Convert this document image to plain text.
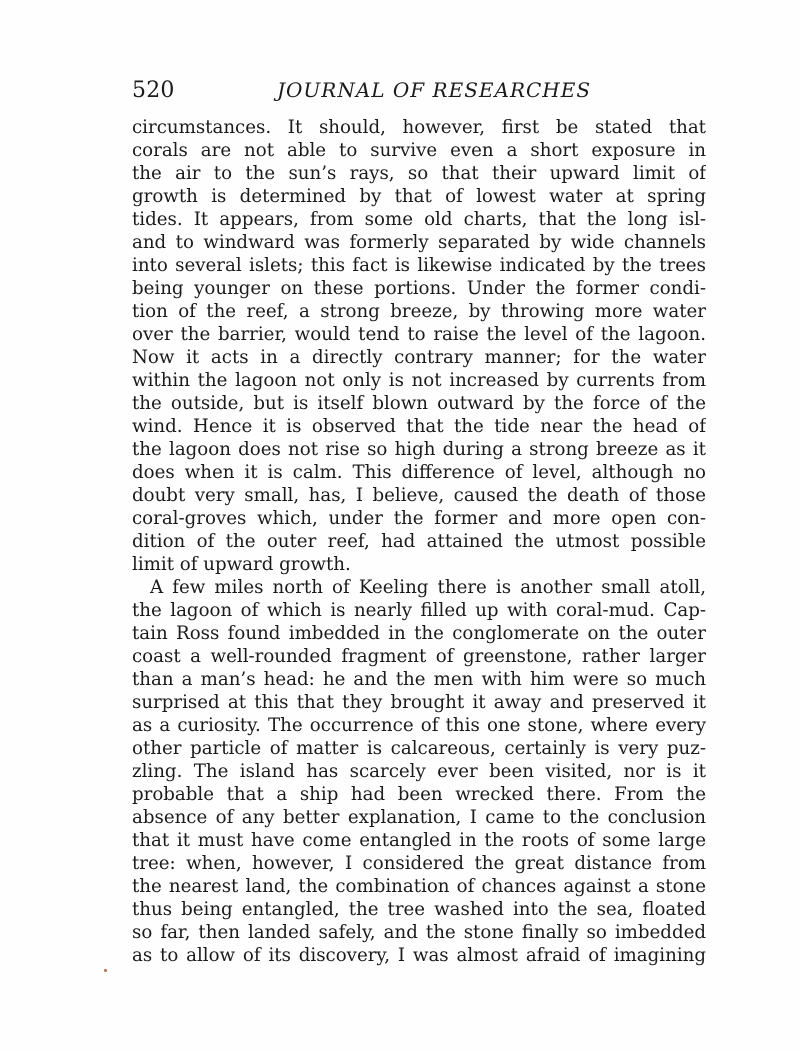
520	JOURNAL OF RESEARCHES
circumstances. It should, however, first be stated that
corals are not able to survive even a short exposure in
the air to the sun’s rays, so that their upward limit of
growth is determined by that of lowest water at spring
tides. It appears, from some old charts, that the long isl-
and to windward was formerly separated by wide channels
into several islets; this fact is likewise indicated by the trees
being younger on these portions. Under the former condi-
tion of the reef, a strong breeze, by throwing more water
over the barrier, would tend to raise the level of the lagoon.
Now it acts in a directly contrary manner; for the water
within the lagoon not only is not increased by currents from
the outside, but is itself blown outward by the force of the
wind. Hence it is observed that the tide near the head of
the lagoon does not rise so high during a strong breeze as it
does when it is calm. This difference of level, although no
doubt very small, has, I believe, caused the death of those
coral-groves which, under the former and more open con-
dition of the outer reef, had attained the utmost possible
limit of upward growth.
A few miles north of Keeling there is another small atoll,
the lagoon of which is nearly filled up with coral-mud. Cap-
tain Ross found imbedded in the conglomerate on the outer
coast a well-rounded fragment of greenstone, rather larger
than a man’s head: he and the men with him were so much
surprised at this that they brought it away and preserved it
as a curiosity. The occurrence of this one stone, where every
other particle of matter is calcareous, certainly is very puz-
zling. The island has scarcely ever been visited, nor is it
probable that a ship had been wrecked there. From the
absence of any better explanation, I came to the conclusion
that it must have come entangled in the roots of some large
tree: when, however, I considered the great distance from
the nearest land, the combination of chances against a stone
thus being entangled, the tree washed into the sea, floated
so far, then landed safely, and the stone finally so imbedded
as to allow of its discovery, I was almost afraid of imagining
